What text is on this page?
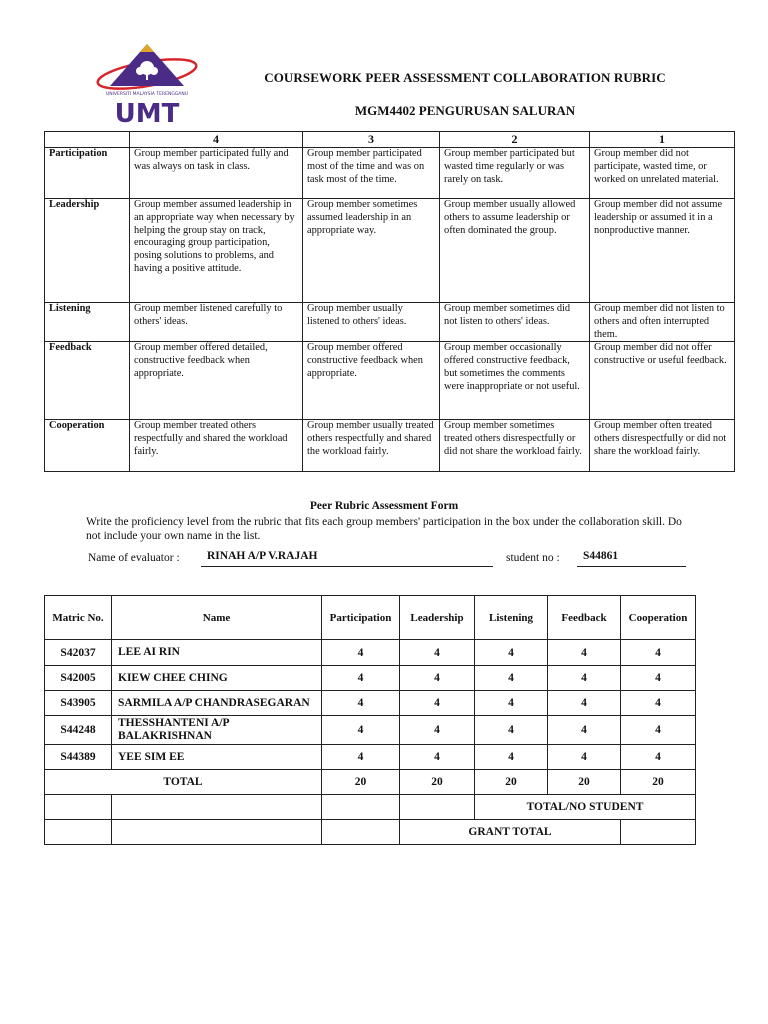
UNIVERSITI MALAYSIA TERENGGANU
UMT
COURSEWORK PEER ASSESSMENT COLLABORATION RUBRIC
MGM4402 PENGURUSAN SALURAN
	4	3	2	1
Participation	Group member participated fully and was always on task in class.	Group member participated most of the time and was on task most of the time.	Group member participated but wasted time regularly or was rarely on task.	Group member did not participate, wasted time, or worked on unrelated material.
Leadership	Group member assumed leadership in an appropriate way when necessary by helping the group stay on track, encouraging group participation, posing solutions to problems, and having a positive attitude.	Group member sometimes assumed leadership in an appropriate way.	Group member usually allowed others to assume leadership or often dominated the group.	Group member did not assume leadership or assumed it in a nonproductive manner.
Listening	Group member listened carefully to others' ideas.	Group member usually listened to others' ideas.	Group member sometimes did not listen to others' ideas.	Group member did not listen to others and often interrupted them.
Feedback	Group member offered detailed, constructive feedback when appropriate.	Group member offered constructive feedback when appropriate.	Group member occasionally offered constructive feedback, but sometimes the comments were inappropriate or not useful.	Group member did not offer constructive or useful feedback.
Cooperation	Group member treated others respectfully and shared the workload fairly.	Group member usually treated others respectfully and shared the workload fairly.	Group member sometimes treated others disrespectfully or did not share the workload fairly.	Group member often treated others disrespectfully or did not share the workload fairly.
Peer Rubric Assessment Form
Write the proficiency level from the rubric that fits each group members' participation in the box under the collaboration skill. Do not include your own name in the list.
Name of evaluator :	RINAH A/P V.RAJAH	student no :	S44861
Matric No.	Name	Participation	Leadership	Listening	Feedback	Cooperation
S42037	LEE AI RIN	4	4	4	4	4
S42005	KIEW CHEE CHING	4	4	4	4	4
S43905	SARMILA A/P CHANDRASEGARAN	4	4	4	4	4
S44248	THESSHANTENI A/P BALAKRISHNAN	4	4	4	4	4
S44389	YEE SIM EE	4	4	4	4	4
TOTAL		20	20	20	20	20
				TOTAL/NO STUDENT		
			GRANT TOTAL			
